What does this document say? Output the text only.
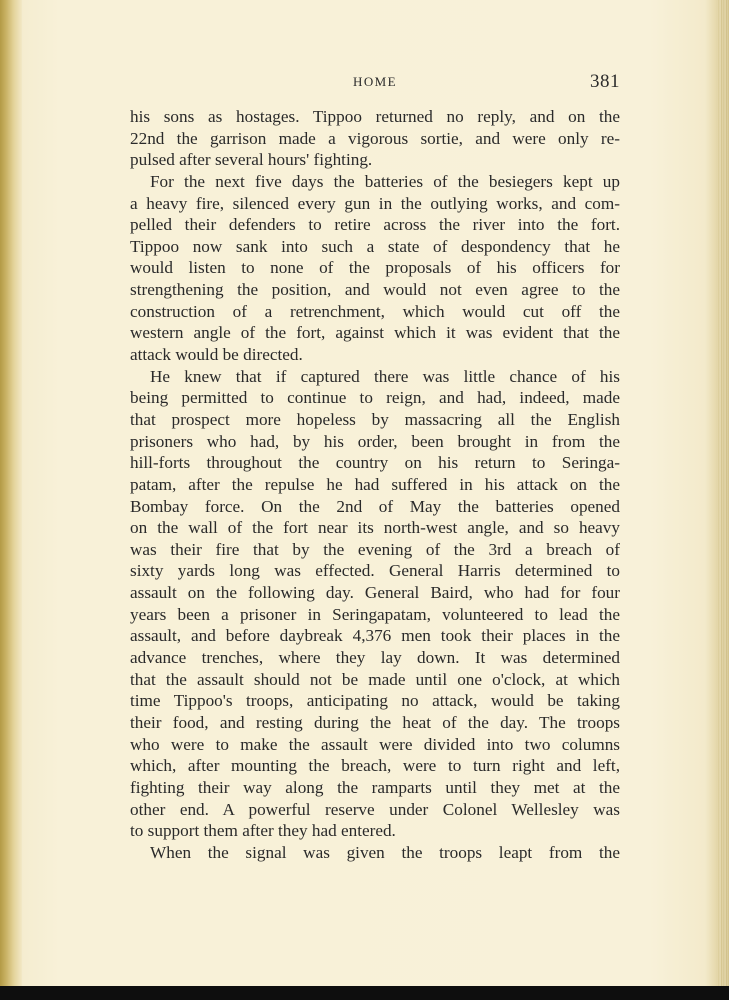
HOME	381
his sons as hostages. Tippoo returned no reply, and on the
22nd the garrison made a vigorous sortie, and were only re-
pulsed after several hours' fighting.
For the next five days the batteries of the besiegers kept up
a heavy fire, silenced every gun in the outlying works, and com-
pelled their defenders to retire across the river into the fort.
Tippoo now sank into such a state of despondency that he
would listen to none of the proposals of his officers for
strengthening the position, and would not even agree to the
construction of a retrenchment, which would cut off the
western angle of the fort, against which it was evident that the
attack would be directed.
He knew that if captured there was little chance of his
being permitted to continue to reign, and had, indeed, made
that prospect more hopeless by massacring all the English
prisoners who had, by his order, been brought in from the
hill-forts throughout the country on his return to Seringa-
patam, after the repulse he had suffered in his attack on the
Bombay force. On the 2nd of May the batteries opened
on the wall of the fort near its north-west angle, and so heavy
was their fire that by the evening of the 3rd a breach of
sixty yards long was effected. General Harris determined to
assault on the following day. General Baird, who had for four
years been a prisoner in Seringapatam, volunteered to lead the
assault, and before daybreak 4,376 men took their places in the
advance trenches, where they lay down. It was determined
that the assault should not be made until one o'clock, at which
time Tippoo's troops, anticipating no attack, would be taking
their food, and resting during the heat of the day. The troops
who were to make the assault were divided into two columns
which, after mounting the breach, were to turn right and left,
fighting their way along the ramparts until they met at the
other end. A powerful reserve under Colonel Wellesley was
to support them after they had entered.
When the signal was given the troops leapt from the
